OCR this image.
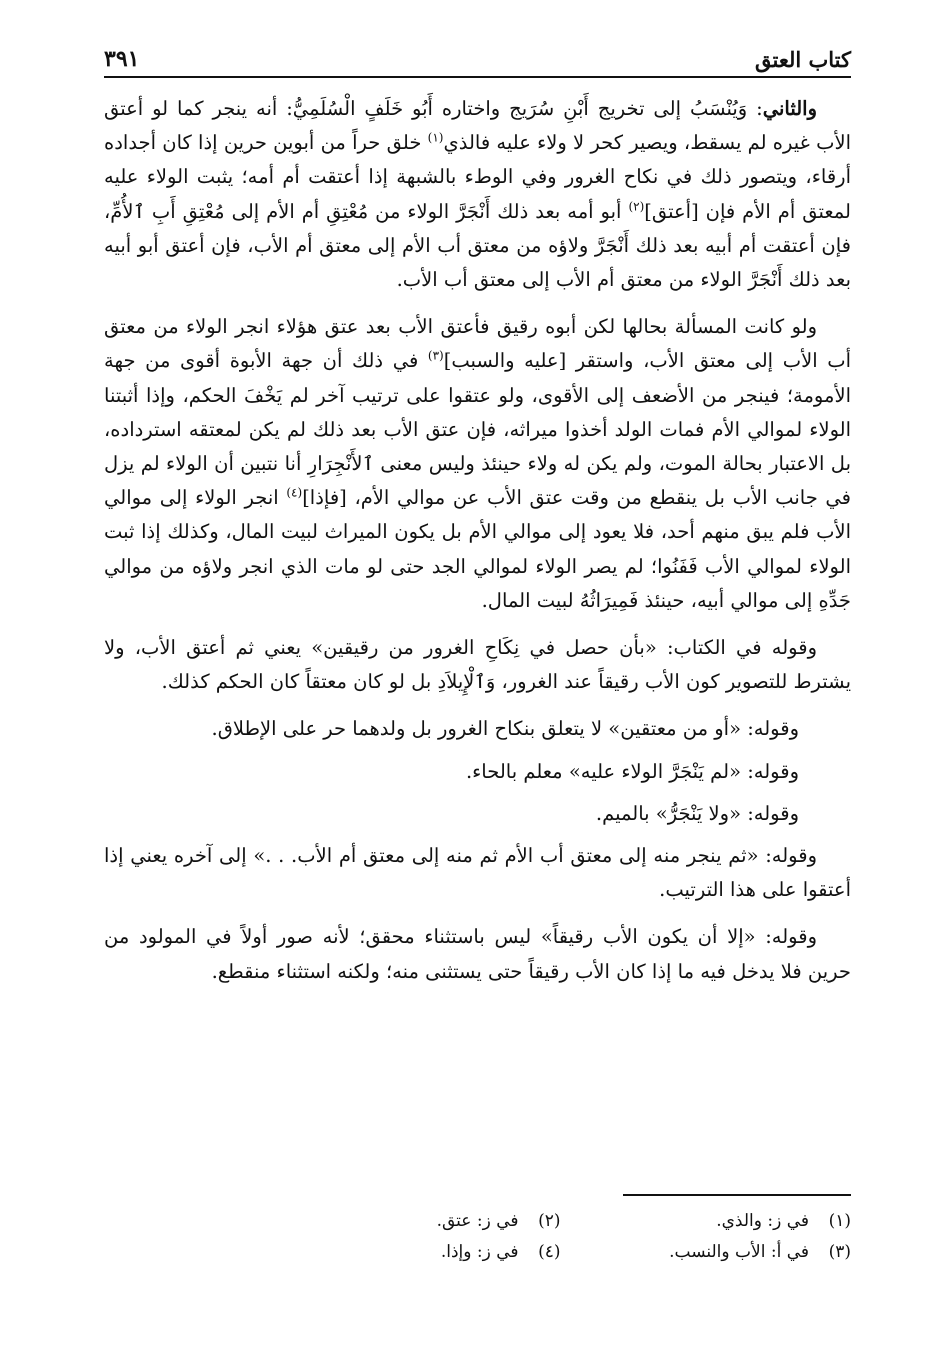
كتاب العتق
٣٩١

والثاني: وَيُنْسَبُ إلى تخريج أَبْنِ سُرَيج واختاره أَبُو خَلَفٍ الْسُلَمِيُّ: أنه ينجر كما لو أعتق الأب غيره لم يسقط، ويصير كحر لا ولاء عليه فالذي$^{(١)}$ خلق حراً من أبوين حرين إذا كان أجداده أرقاء، ويتصور ذلك في نكاح الغرور وفي الوطء بالشبهة إذا أعتقت أم أمه؛ يثبت الولاء عليه لمعتق أم الأم فإن [أعتق]$^{(٢)}$ أبو أمه بعد ذلك أَنْجَرَّ الولاء من مُعْتِقِ أم الأم إلى مُعْتِقِ أَبِ ٱلأُمِّ، فإن أعتقت أم أبيه بعد ذلك أَنْجَرَّ ولاؤه من معتق أب الأم إلى معتق أم الأب، فإن أعتق أبو أبيه بعد ذلك أَنْجَرَّ الولاء من معتق أم الأب إلى معتق أب الأب.

ولو كانت المسألة بحالها لكن أبوه رقيق فأعتق الأب بعد عتق هؤلاء انجر الولاء من معتق أب الأب إلى معتق الأب، واستقر [عليه والسبب]$^{(٣)}$ في ذلك أن جهة الأبوة أقوى من جهة الأمومة؛ فينجر من الأضعف إلى الأقوى، ولو عتقوا على ترتيب آخر لم يَخْفَ الحكم، وإذا أثبتنا الولاء لموالي الأم فمات الولد أخذوا ميراثه، فإن عتق الأب بعد ذلك لم يكن لمعتقه استرداده، بل الاعتبار بحالة الموت، ولم يكن له ولاء حينئذ وليس معنى ٱلأَنْجِرَارِ أنا نتبين أن الولاء لم يزل في جانب الأب بل ينقطع من وقت عتق الأب عن موالي الأم، [فإذا]$^{(٤)}$ انجر الولاء إلى موالي الأب فلم يبق منهم أحد، فلا يعود إلى موالي الأم بل يكون الميراث لبيت المال، وكذلك إذا ثبت الولاء لموالي الأب فَفَنُوا؛ لم يصر الولاء لموالي الجد حتى لو مات الذي انجر ولاؤه من موالي جَدِّهِ إلى موالي أبيه، حينئذ فَمِيرَاثُهُ لبيت المال.

وقوله في الكتاب: «بأن حصل في نِكَاحِ الغرور من رقيقين» يعني ثم أعتق الأب، ولا يشترط للتصوير كون الأب رقيقاً عند الغرور، وَٱلْإِيلاَدِ بل لو كان معتقاً كان الحكم كذلك.

وقوله: «أو من معتقين» لا يتعلق بنكاح الغرور بل ولدهما حر على الإطلاق.

وقوله: «لم يَنْجَرَّ الولاء عليه» معلم بالحاء.

وقوله: «ولا يَنْجَرُّ» بالميم.

وقوله: «ثم ينجر منه إلى معتق أب الأم ثم منه إلى معتق أم الأب. . .» إلى آخره يعني إذا أعتقوا على هذا الترتيب.

وقوله: «إلا أن يكون الأب رقيقاً» ليس باستثناء محقق؛ لأنه صور أولاً في المولود من حرين فلا يدخل فيه ما إذا كان الأب رقيقاً حتى يستثنى منه؛ ولكنه استثناء منقطع.

(١)
في ز: والذي.
(٢)
في ز: عتق.
(٣)
في أ: الأب والنسب.
(٤)
في ز: وإذا.
